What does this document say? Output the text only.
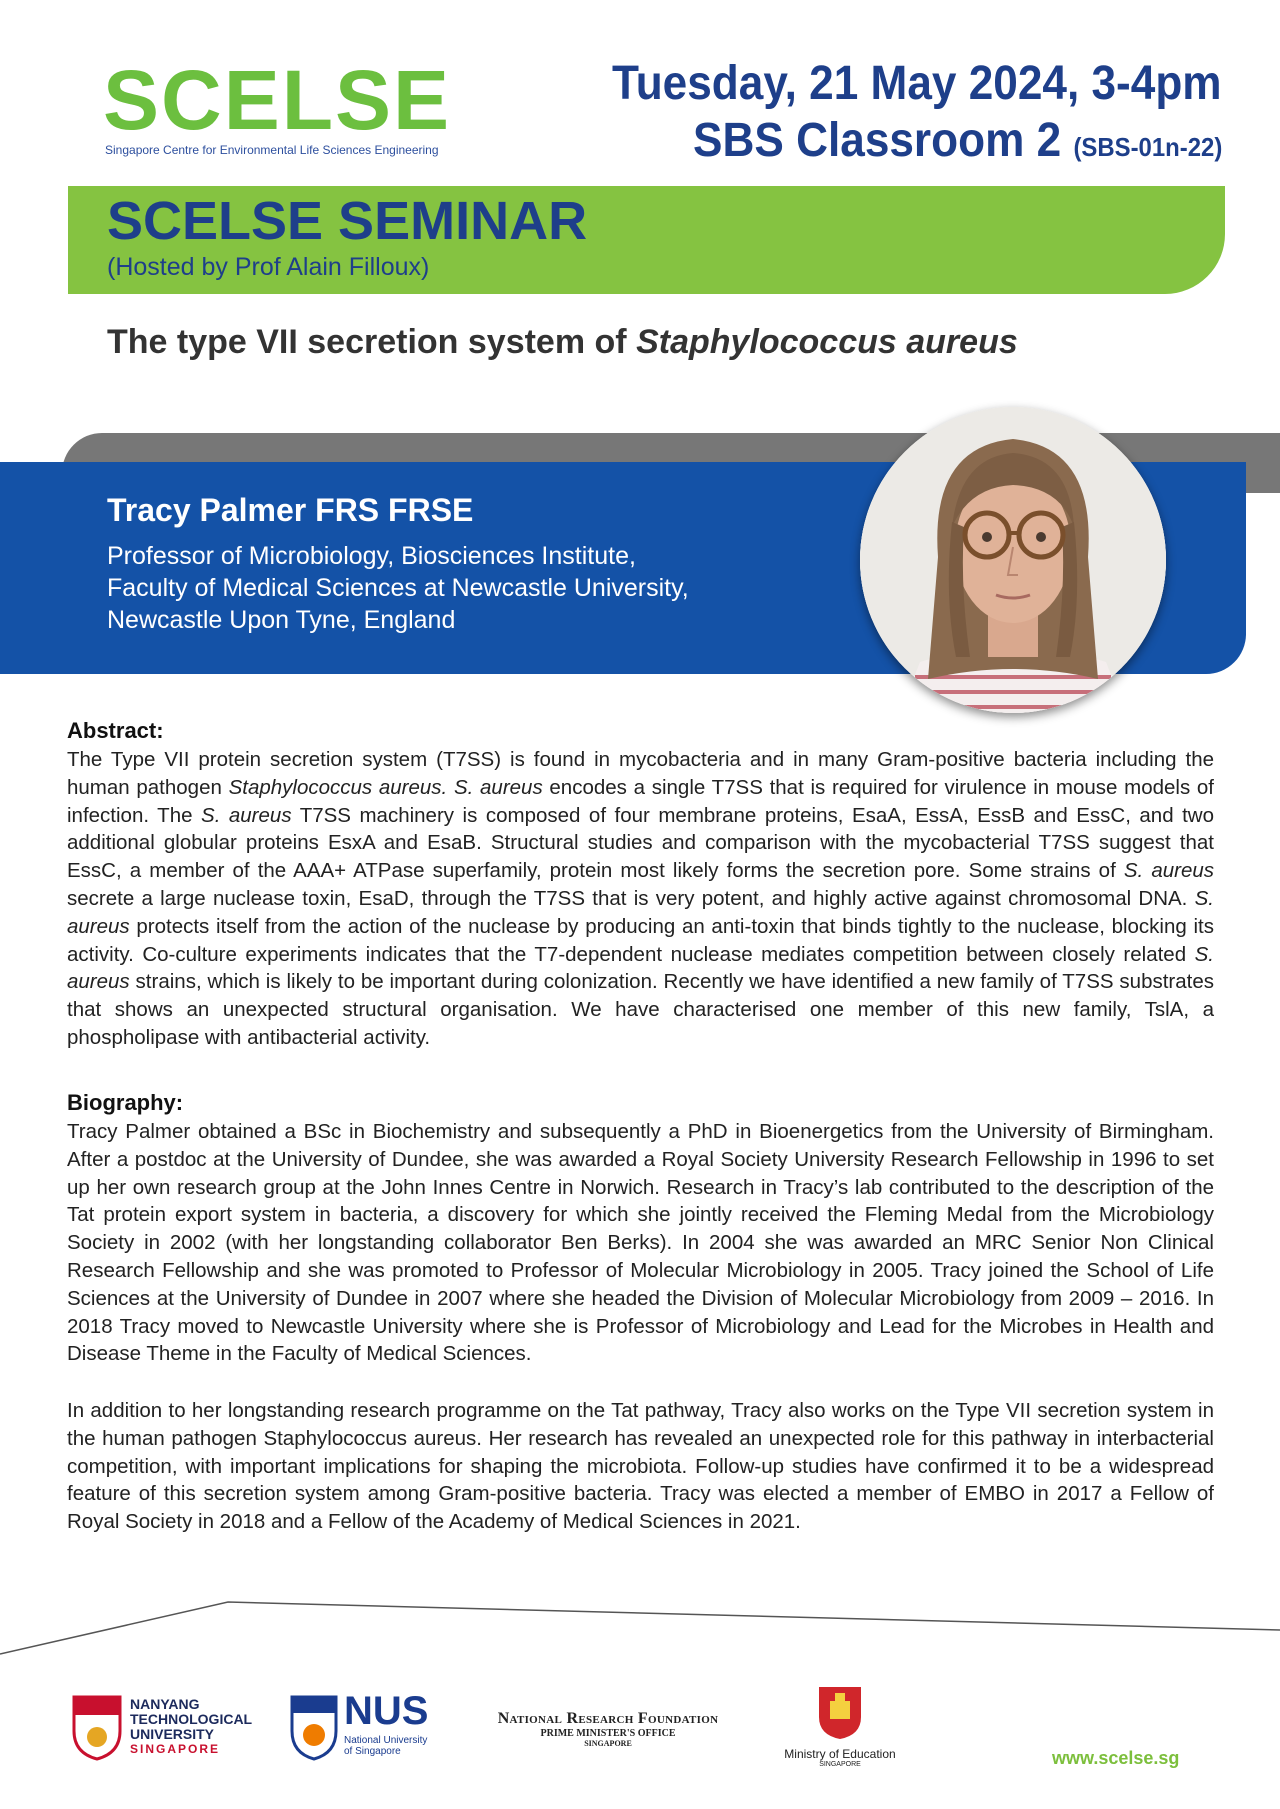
SCELSE
Singapore Centre for Environmental Life Sciences Engineering
Tuesday, 21 May 2024, 3-4pm
SBS Classroom 2 (SBS-01n-22)
SCELSE SEMINAR
(Hosted by Prof Alain Filloux)
The type VII secretion system of Staphylococcus aureus
Tracy Palmer FRS FRSE
Professor of Microbiology, Biosciences Institute,
Faculty of Medical Sciences at Newcastle University,
Newcastle Upon Tyne, England
Abstract:
The Type VII protein secretion system (T7SS) is found in mycobacteria and in many Gram-positive bacteria including the human pathogen Staphylococcus aureus. S. aureus encodes a single T7SS that is required for virulence in mouse models of infection. The S. aureus T7SS machinery is composed of four membrane proteins, EsaA, EssA, EssB and EssC, and two additional globular proteins EsxA and EsaB. Structural studies and comparison with the mycobacterial T7SS suggest that EssC, a member of the AAA+ ATPase superfamily, protein most likely forms the secretion pore. Some strains of S. aureus secrete a large nuclease toxin, EsaD, through the T7SS that is very potent, and highly active against chromosomal DNA. S. aureus protects itself from the action of the nuclease by producing an anti-toxin that binds tightly to the nuclease, blocking its activity. Co-culture experiments indicates that the T7-dependent nuclease mediates competition between closely related S. aureus strains, which is likely to be important during colonization. Recently we have identified a new family of T7SS substrates that shows an unexpected structural organisation. We have characterised one member of this new family, TslA, a phospholipase with antibacterial activity.
Biography:
Tracy Palmer obtained a BSc in Biochemistry and subsequently a PhD in Bioenergetics from the University of Birmingham. After a postdoc at the University of Dundee, she was awarded a Royal Society University Research Fellowship in 1996 to set up her own research group at the John Innes Centre in Norwich. Research in Tracy’s lab contributed to the description of the Tat protein export system in bacteria, a discovery for which she jointly received the Fleming Medal from the Microbiology Society in 2002 (with her longstanding collaborator Ben Berks). In 2004 she was awarded an MRC Senior Non Clinical Research Fellowship and she was promoted to Professor of Molecular Microbiology in 2005. Tracy joined the School of Life Sciences at the University of Dundee in 2007 where she headed the Division of Molecular Microbiology from 2009 – 2016. In 2018 Tracy moved to Newcastle University where she is Professor of Microbiology and Lead for the Microbes in Health and Disease Theme in the Faculty of Medical Sciences.
In addition to her longstanding research programme on the Tat pathway, Tracy also works on the Type VII secretion system in the human pathogen Staphylococcus aureus. Her research has revealed an unexpected role for this pathway in interbacterial competition, with important implications for shaping the microbiota. Follow-up studies have confirmed it to be a widespread feature of this secretion system among Gram-positive bacteria. Tracy was elected a member of EMBO in 2017 a Fellow of Royal Society in 2018 and a Fellow of the Academy of Medical Sciences in 2021.
NANYANG
TECHNOLOGICAL
UNIVERSITY
SINGAPORE
NUS
National University
of Singapore
National Research Foundation
PRIME MINISTER'S OFFICE
SINGAPORE
Ministry of Education
SINGAPORE	www.scelse.sg
